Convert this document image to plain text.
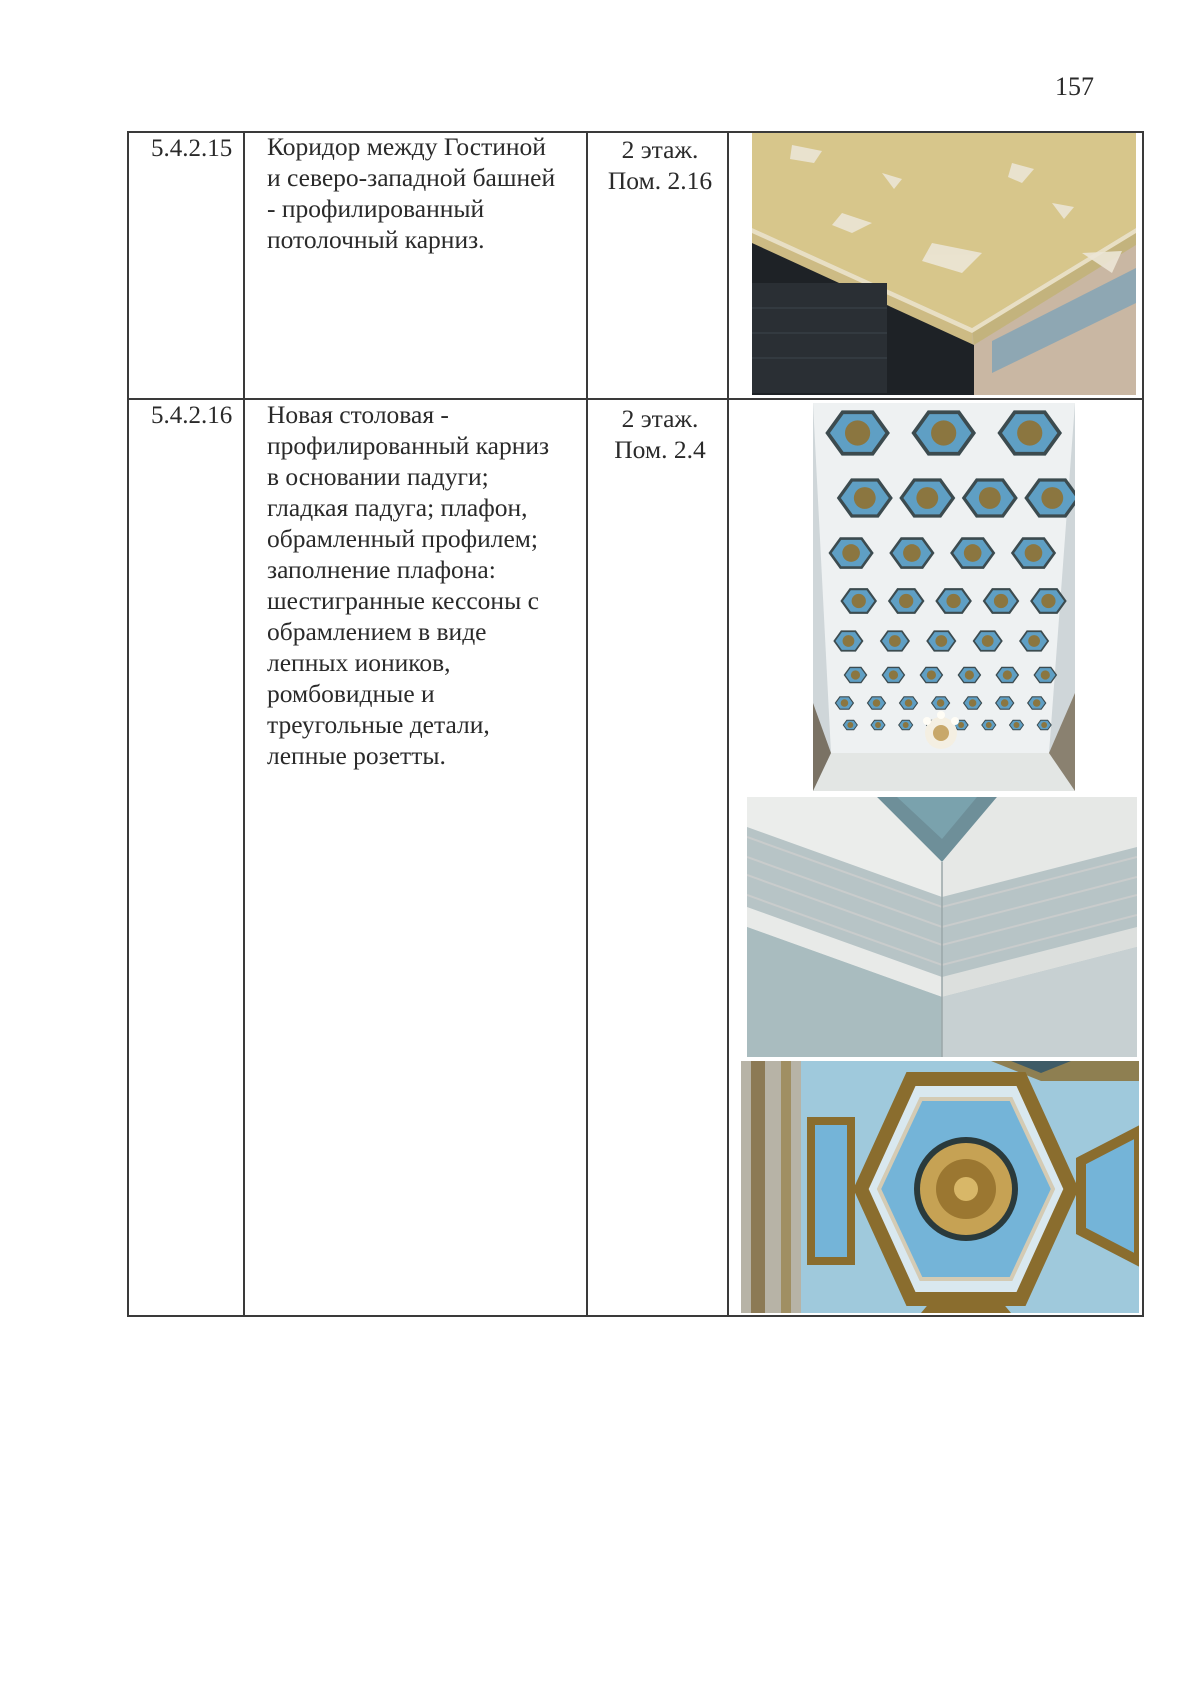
157
5.4.2.15 Коридор между Гостиной
и северо-западной башней
- профилированный
потолочный карниз.
2 этаж.
Пом. 2.16
5.4.2.16 Новая столовая -
профилированный карниз
в основании падуги;
гладкая падуга; плафон,
обрамленный профилем;
заполнение плафона:
шестигранные кессоны с
обрамлением в виде
лепных иоников,
ромбовидные и
треугольные детали,
лепные розетты.
2 этаж.
Пом. 2.4
